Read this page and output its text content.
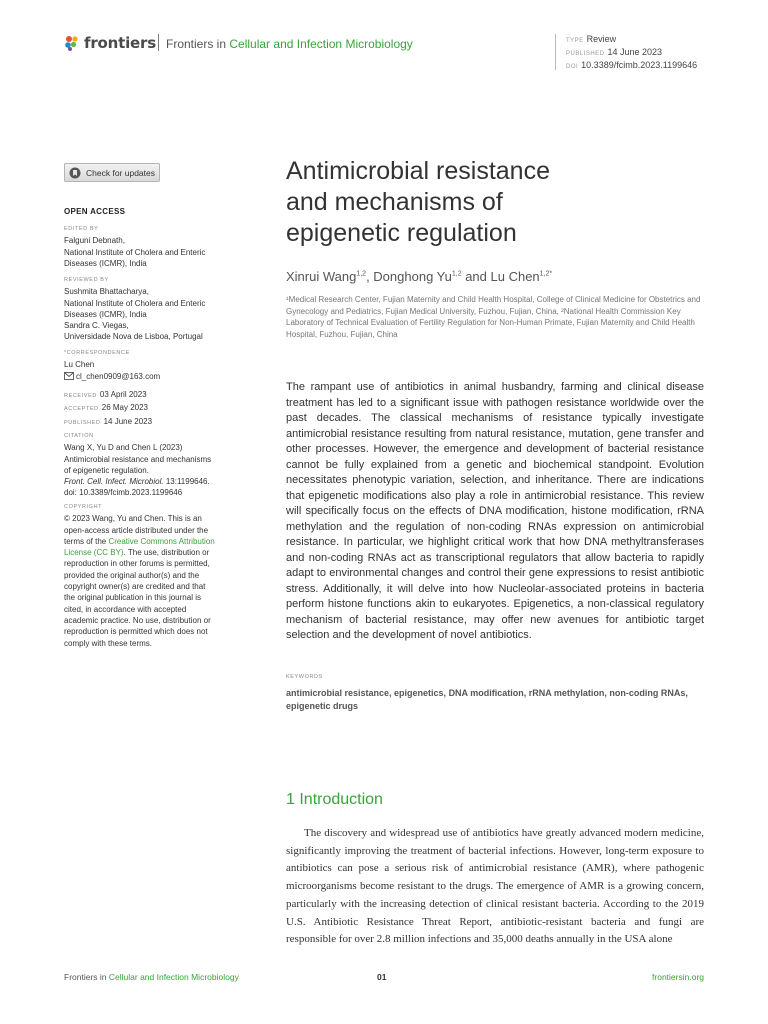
frontiers Frontiers in Cellular and Infection Microbiology	TYPE Review
PUBLISHED 14 June 2023
DOI 10.3389/fcimb.2023.1199646
Check for updates
OPEN ACCESS
EDITED BY
Falguni Debnath,
National Institute of Cholera and Enteric
Diseases (ICMR), India
REVIEWED BY
Sushmita Bhattacharya,
National Institute of Cholera and Enteric
Diseases (ICMR), India
Sandra C. Viegas,
Universidade Nova de Lisboa, Portugal
*CORRESPONDENCE
Lu Chen
cl_chen0909@163.com
RECEIVED 03 April 2023
ACCEPTED 26 May 2023
PUBLISHED 14 June 2023
CITATION
Wang X, Yu D and Chen L (2023)
Antimicrobial resistance and mechanisms
of epigenetic regulation.
Front. Cell. Infect. Microbiol. 13:1199646.
doi: 10.3389/fcimb.2023.1199646
COPYRIGHT
© 2023 Wang, Yu and Chen. This is an
open-access article distributed under the
terms of the Creative Commons Attribution
License (CC BY). The use, distribution or
reproduction in other forums is permitted,
provided the original author(s) and the
copyright owner(s) are credited and that
the original publication in this journal is
cited, in accordance with accepted
academic practice. No use, distribution or
reproduction is permitted which does not
comply with these terms.
Antimicrobial resistance
and mechanisms of
epigenetic regulation
Xinrui Wang$^{1,2}$, Donghong Yu$^{1,2}$ and Lu Chen$^{1,2*}$
¹Medical Research Center, Fujian Maternity and Child Health Hospital, College of Clinical Medicine for Obstetrics and Gynecology and Pediatrics, Fujian Medical University, Fuzhou, Fujian, China, ²National Health Commission Key Laboratory of Technical Evaluation of Fertility Regulation for Non-Human Primate, Fujian Maternity and Child Health Hospital, Fuzhou, Fujian, China
The rampant use of antibiotics in animal husbandry, farming and clinical disease treatment has led to a significant issue with pathogen resistance worldwide over the past decades. The classical mechanisms of resistance typically investigate antimicrobial resistance resulting from natural resistance, mutation, gene transfer and other processes. However, the emergence and development of bacterial resistance cannot be fully explained from a genetic and biochemical standpoint. Evolution necessitates phenotypic variation, selection, and inheritance. There are indications that epigenetic modifications also play a role in antimicrobial resistance. This review will specifically focus on the effects of DNA modification, histone modification, rRNA methylation and the regulation of non-coding RNAs expression on antimicrobial resistance. In particular, we highlight critical work that how DNA methyltransferases and non-coding RNAs act as transcriptional regulators that allow bacteria to rapidly adapt to environmental changes and control their gene expressions to resist antibiotic stress. Additionally, it will delve into how Nucleolar-associated proteins in bacteria perform histone functions akin to eukaryotes. Epigenetics, a non-classical regulatory mechanism of bacterial resistance, may offer new avenues for antibiotic target selection and the development of novel antibiotics.
KEYWORDS
antimicrobial resistance, epigenetics, DNA modification, rRNA methylation, non-coding RNAs, epigenetic drugs
1 Introduction

The discovery and widespread use of antibiotics have greatly advanced modern medicine, significantly improving the treatment of bacterial infections. However, long-term exposure to antibiotics can pose a serious risk of antimicrobial resistance (AMR), where pathogenic microorganisms become resistant to the drugs. The emergence of AMR is a growing concern, particularly with the increasing detection of clinical resistant bacteria. According to the 2019 U.S. Antibiotic Resistance Threat Report, antibiotic-resistant bacteria and fungi are responsible for over 2.8 million infections and 35,000 deaths annually in the USA alone

Frontiers in Cellular and Infection Microbiology	01	frontiersin.org
